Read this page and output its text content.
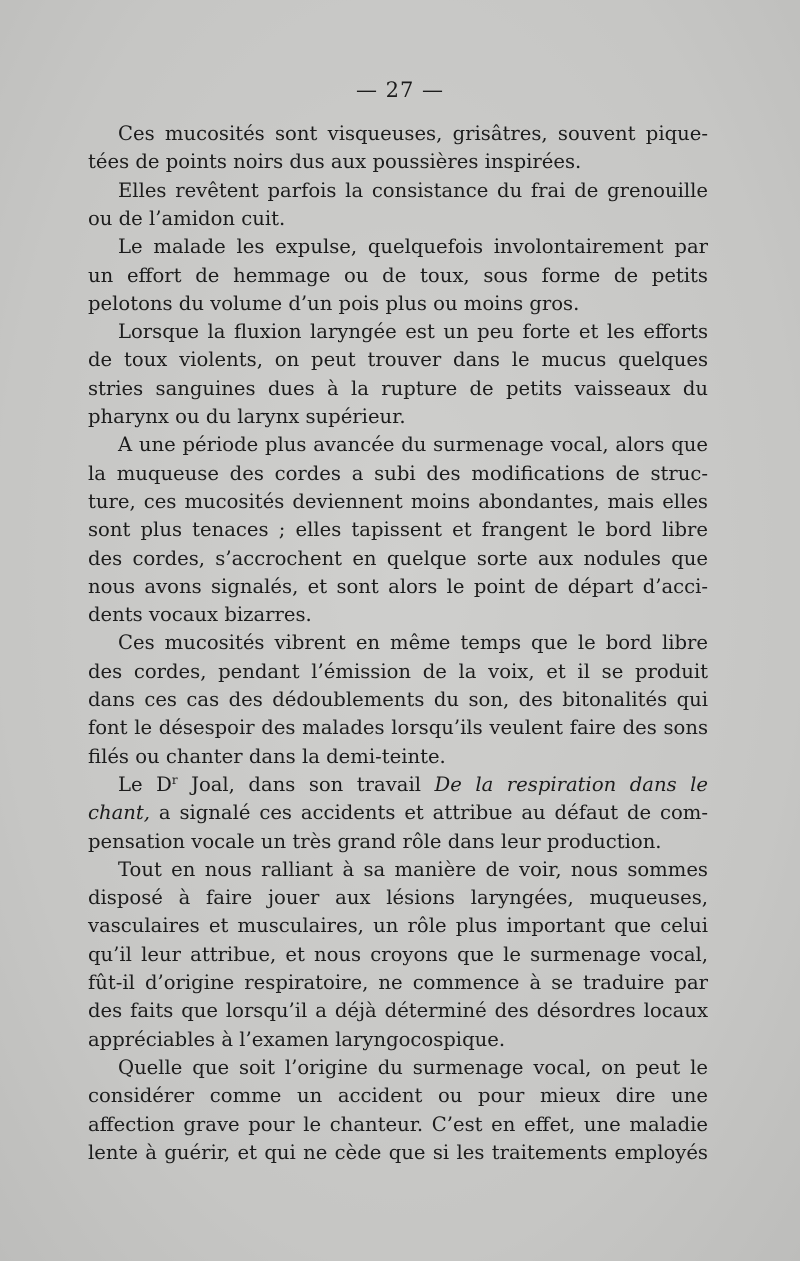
— 27 —
Ces mucosités sont visqueuses, grisâtres, souvent pique-
tées de points noirs dus aux poussières inspirées.
Elles revêtent parfois la consistance du frai de grenouille
ou de l’amidon cuit.
Le malade les expulse, quelquefois involontairement par
un effort de hemmage ou de toux, sous forme de petits
pelotons du volume d’un pois plus ou moins gros.
Lorsque la fluxion laryngée est un peu forte et les efforts
de toux violents, on peut trouver dans le mucus quelques
stries sanguines dues à la rupture de petits vaisseaux du
pharynx ou du larynx supérieur.
A une période plus avancée du surmenage vocal, alors que
la muqueuse des cordes a subi des modifications de struc-
ture, ces mucosités deviennent moins abondantes, mais elles
sont plus tenaces ; elles tapissent et frangent le bord libre
des cordes, s’accrochent en quelque sorte aux nodules que
nous avons signalés, et sont alors le point de départ d’acci-
dents vocaux bizarres.
Ces mucosités vibrent en même temps que le bord libre
des cordes, pendant l’émission de la voix, et il se produit
dans ces cas des dédoublements du son, des bitonalités qui
font le désespoir des malades lorsqu’ils veulent faire des sons
filés ou chanter dans la demi-teinte.
Le $D^r$ Joal, dans son travail De la respiration dans le
chant, a signalé ces accidents et attribue au défaut de com-
pensation vocale un très grand rôle dans leur production.
Tout en nous ralliant à sa manière de voir, nous sommes
disposé à faire jouer aux lésions laryngées, muqueuses,
vasculaires et musculaires, un rôle plus important que celui
qu’il leur attribue, et nous croyons que le surmenage vocal,
fût-il d’origine respiratoire, ne commence à se traduire par
des faits que lorsqu’il a déjà déterminé des désordres locaux
appréciables à l’examen laryngocospique.
Quelle que soit l’origine du surmenage vocal, on peut le
considérer comme un accident ou pour mieux dire une
affection grave pour le chanteur. C’est en effet, une maladie
lente à guérir, et qui ne cède que si les traitements employés
